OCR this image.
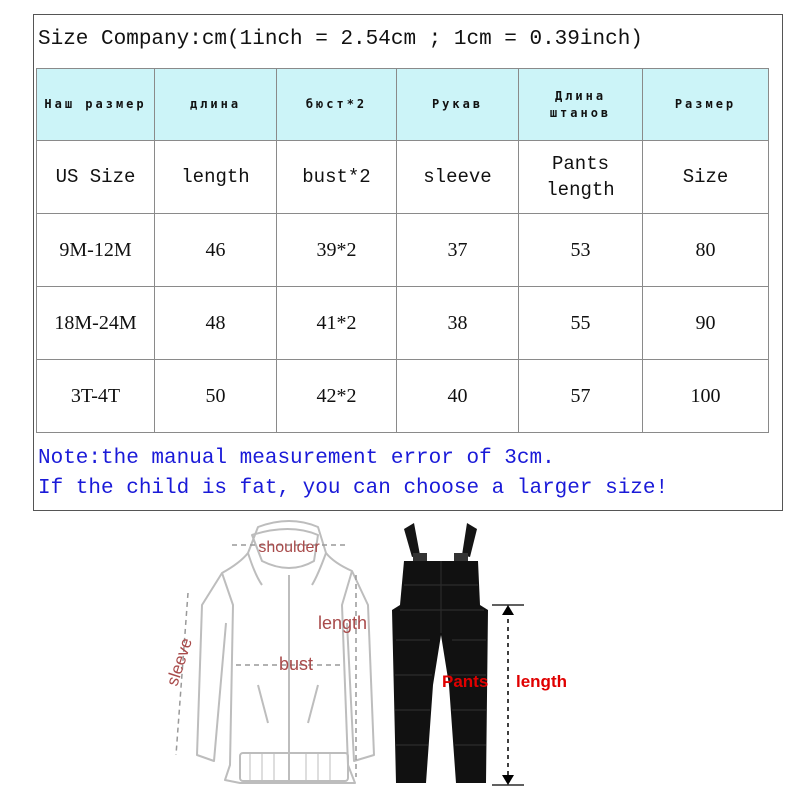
Size Company:cm(1inch = 2.54cm ; 1cm = 0.39inch)
Наш размер	длина	бюст*2	Рукав	Длина штанов	Размер
US Size	length	bust*2	sleeve	Pants length	Size
9M-12M	46	39*2	37	53	80
18M-24M	48	41*2	38	55	90
3T-4T	50	42*2	40	57	100
Note:the manual measurement error of 3cm.
If the child is fat, you can choose a larger size!
shoulder
length
bust
sleeve	Pants length
